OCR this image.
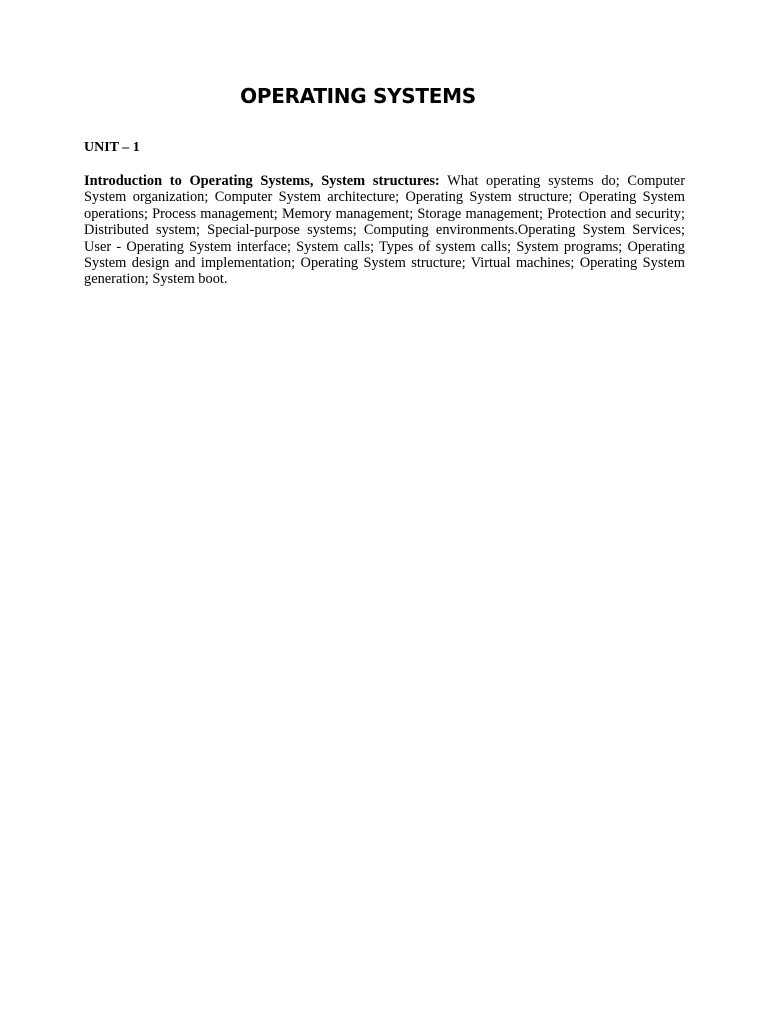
OPERATING SYSTEMS

UNIT – 1

Introduction to Operating Systems, System structures: What operating systems do; Computer System organization; Computer System architecture; Operating System structure; Operating System operations; Process management; Memory management; Storage management; Protection and security; Distributed system; Special-purpose systems; Computing environments.Operating System Services; User - Operating System interface; System calls; Types of system calls; System programs; Operating System design and implementation; Operating System structure; Virtual machines; Operating System generation; System boot.
